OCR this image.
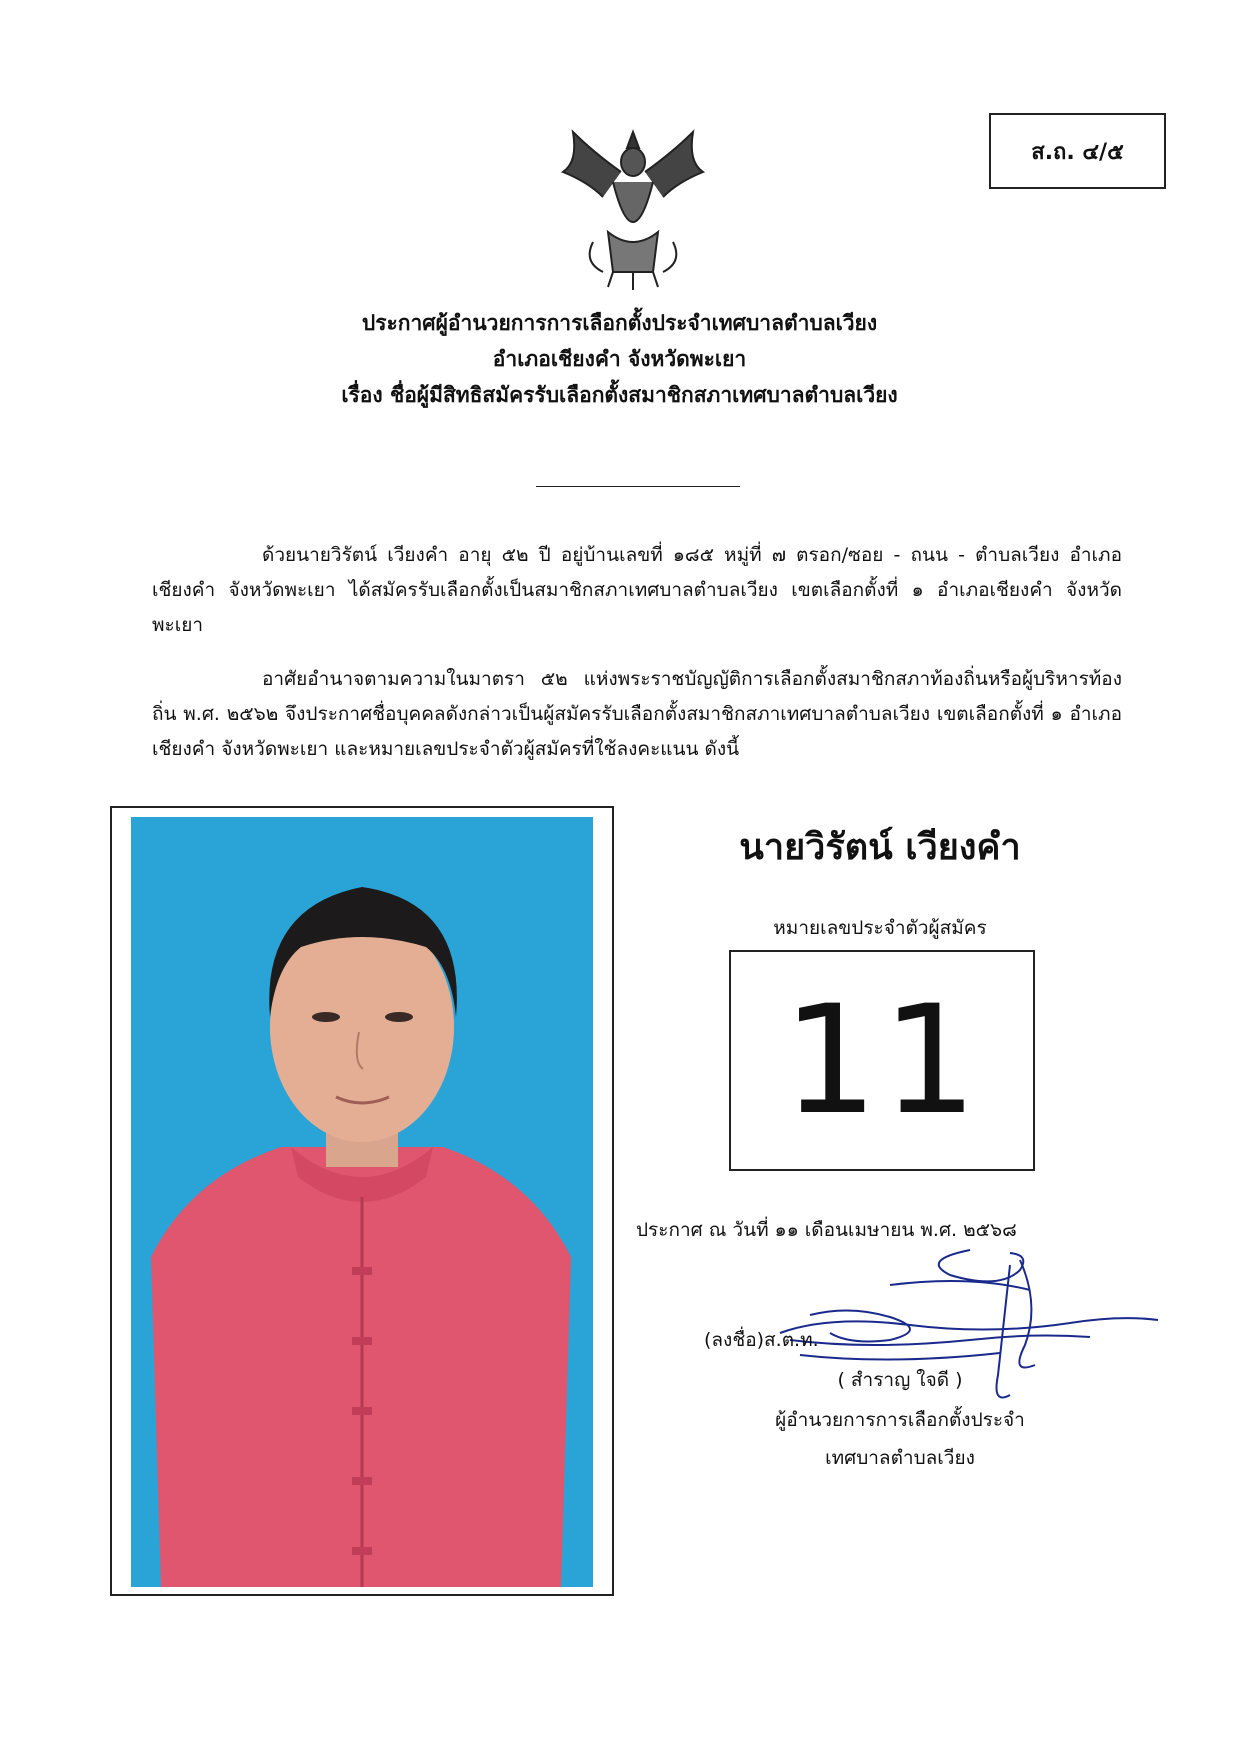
ส.ถ. ๔/๕
ประกาศผู้อำนวยการการเลือกตั้งประจำเทศบาลตำบลเวียง
อำเภอเชียงคำ จังหวัดพะเยา
เรื่อง ชื่อผู้มีสิทธิสมัครรับเลือกตั้งสมาชิกสภาเทศบาลตำบลเวียง
ด้วยนายวิรัตน์ เวียงคำ อายุ ๕๒ ปี อยู่บ้านเลขที่ ๑๘๕ หมู่ที่ ๗ ตรอก/ซอย - ถนน - ตำบลเวียง อำเภอเชียงคำ จังหวัดพะเยา ได้สมัครรับเลือกตั้งเป็นสมาชิกสภาเทศบาลตำบลเวียง เขตเลือกตั้งที่ ๑ อำเภอเชียงคำ จังหวัดพะเยา
อาศัยอำนาจตามความในมาตรา ๕๒ แห่งพระราชบัญญัติการเลือกตั้งสมาชิกสภาท้องถิ่นหรือผู้บริหารท้องถิ่น พ.ศ. ๒๕๖๒ จึงประกาศชื่อบุคคลดังกล่าวเป็นผู้สมัครรับเลือกตั้งสมาชิกสภาเทศบาลตำบลเวียง เขตเลือกตั้งที่ ๑ อำเภอเชียงคำ จังหวัดพะเยา และหมายเลขประจำตัวผู้สมัครที่ใช้ลงคะแนน ดังนี้
นายวิรัตน์ เวียงคำ
หมายเลขประจำตัวผู้สมัคร
11
ประกาศ ณ วันที่ ๑๑ เดือนเมษายน พ.ศ. ๒๕๖๘
(ลงชื่อ)ส.ต.ท.
( สำราญ ใจดี )
ผู้อำนวยการการเลือกตั้งประจำ
เทศบาลตำบลเวียง
